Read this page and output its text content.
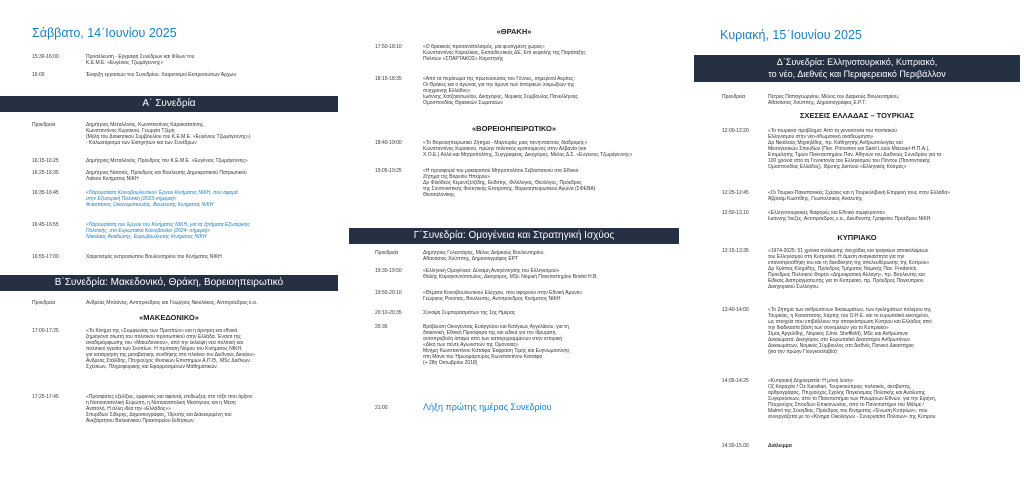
Σάββατο, 14ˊΙουνίου 2025
15:30-16:00	Προσέλευση - Εγγραφή Συνέδρων και Φίλων του
Κ.Ε.Μ.Ε. «Ευγένιος Τζωμάγεννης»
16:00	Έναρξη εργασιών του Συνεδρίου. Χαιρετισμοί Εκπροσώπων Άρχων.
Α΄ Συνεδρία
Προεδρεία	Δημήτριος Μεταλλινός, Κωνσταντίνος Καρακατσάνης,
Κωνσταντίνος Κυριακού, Γεωργία Τζέμη
(Μέλη του Διοικητικού Συμβουλίου του Κ.Ε.Μ.Ε. «Ευγένιος Τζωμάγεννης»)
- Καλωσόρισμα των Εισηγητών και των Συνέδρων
16:15-16:25	Δημήτριος Μεταλλινός, Πρόεδρος του Κ.Ε.Μ.Ε. «Ευγένιος Τζωμάγεννης»
16:25-16:35	Δημήτριος Νατσιός, Πρόεδρος και Βουλευτής Δημοκρατικού Πατριωτικού
Λαϊκού Κινήματος ΝΙΚΗ
16:35-16:45	«Παρουσίαση Κοινοβουλευτικού Έργου Κινήματος ΝΙΚΗ, που αφορά
στην Εξωτερική Πολιτική (2023-σήμερα)»
Αναστάσιος Οικονομόπουλος, Βουλευτής Κινήματος ΝΙΚΗ
16:45-16:55	«Παρουσίαση του Έργου του Κινήματος ΝΙΚΗ, για τα ζητήματα Εξωτερικής
Πολιτικής, στο Ευρωπαϊκό Κοινοβούλιο (2024- σήμερα)»
Νικόλαος Αναδιώτης, Ευρωβουλευτής Κινήματος ΝΙΚΗ
16:55-17:00	Χαιρετισμός εκπροσώπου Βουλευτηρίου του Κινήματος ΝΙΚΗ
Β΄Συνεδρία: Μακεδονικό, Θράκη, Βορειοηπειρωτικό
Προεδρεία	Ανδρέας Μπλάνος, Αντιπρόεδρος και Γεώργιος Νικολάκος, Αντιπρόεδρος κ.α.
«ΜΑΚΕΔΟΝΙΚΟ»
17:00-17:25	«Το Κίνημα της «Συμφωνίας των Πρεσπών» και η άρνηση και εθνικά
ζημιογόνα σιωπή του πολιτικού προσωπικού στην Ελλάδα. Έναντι της
αναδιμιόρφωσης του «Μακεδονικού», από την έκλειψη νέα πολιτική και
πολιτικοί ηγεσία των Σκοπίων. Η πρόταση Νόμου του Κινήματος ΝΙΚΗ,
για κατάργηση της μεταβατικής συνθήκης στο πλαίσιο του Διεθνούς Δικαίου»
Ανδρέας Σταλίδης, Πτυχιούχος Φυσικών Επιστημών Α.Π.Θ., MSc Διεθνών
Σχέσεων, Πληροφορικής και Εφαρμοσμένων Μαθηματικών.
17:25-17:45	«Πρόσφατες εξελίξεις, εμφανείς και αφανείς επιδιώξεις στο τόξο που άρξιον
η Νοτιοανατολική Εύρώπη, η Νοτιοανατολική Μεσόγειος και η Μέση
Ανατολή. Η άλλη ιδέα την «Ελλάδος»»
Σπυρίδων Σιδέρης, Δημοσιογράφος, Ίδρυτής και Διακεκριμένη του
Άνεξάρτητου Βαλκανικού Πρακτορείου Ειδήσεων
«ΘΡΑΚΗ»
17:50-18:10	«Ο θρακικός προσανατολισμός, μια φυσιγμένη χώρας»
Κωνσταντίνος Καραλίκας, Εκπαιδευτικός ΔΕ, Επί κεφαλής της Παράταξης
Πολιτών «ΣΠΑΡΤΑΚΟΣ» Κομοτηνής
18:15-18:35	«Από τα περίσωμα της πρωτεύουσας του Γένους, σημερινοί Ακρίτες:
Οι Θράκες και ο άγώνας για την άμυνα των Ιστορικών λοιμωξιών της
σύγχρονης Ελλάδος»
Ιωάννης Χατζηαντωνίου, Δικηγόρος, Νομικός Σύμβουλος Πανελλήνιας
Ομοσπονδίας Θρακικών Σωματείων
«ΒΟΡΕΙΟΗΠΕΙΡΩΤΙΚΟ»
18:40-19:00	«Το Βορειοηπειρωτικό Ζήτημα - Μαρτυρίες μιας πενηνταετούς διαδρομής»
Κωνσταντίνος Κυριακού, πρώην πολιτικός κρατούμενος στην Αλβανία (και
Χ.Ο.Ε.) Αλλά και Μητροπολίτης, Συγγραφέας, Δικηγόρος. Μέλος Δ.Σ. «Ευγένιος Τζωμάγεννης»
19:05-19:25	«Η προσφορά του μακαριστού Μητροπολίτου Σεβαστιανού στο Εθνικό
Ζήτημα της Βορείου Ηπείρου»
Δρ Φιλόθεος Κεμεντζετζίδης, Εκδότης, Φιλόλογος, Θεολόγος, Πρόεδρος
της Συντονιστικής Φοιτητικής Επιτροπής, Βορειοηπειρωτικού Αγώνα (ΣΦΕΒΑ)
Θεσσαλονίκης
Γ΄Συνεδρία: Ομογένεια και Στρατηγική Ισχύος
Προεδρεία	Δημήτριος Γελαντάρης, Μέλος Διαρκούς Βουλευτηρίου,
Αθανάσιος Χούππης, Δημοσιογράφος ΕΡΤ
19:30-19:50	«Ελληνική Ομογένεια: Δύναμη Αναγέννησης του Ελληνισμού»
Θαλής Καραγιαννόπουλος, Δικηγόρος, MSc Νομική Πανεπιστημίου Bristol Η.Β.
19:55-20:10	«Θέματα Κοινοβουλευτικού Ελέγχου, που αφορούν στην Εθνική Άμυνα»
Γεώργιος Ρούντας, Βουλευτής, Αντιπρόεδρος Κινήματος ΝΙΚΗ
20:10-20:35	Σύνοψη Συμπερασμάτων της 1ης Ημέρας
20:35	Βράβευση Οικογένειας Ευάγγελου και Κατίγκως Αγγελάκου, για τη
διακονική, Εθνική Προσφορά της και ειδικά για την ίδρυματη,
αυτοπροβολή ίσταμα από των καταγεγραμμένων στην ιστορική
«Δίκη των πέντε Αγωνιστών της Ομόνοιας»
Μνήμη Κωνσταντίνου Κατσίφα Έκφραση Τιμής και Ευγνωμοσύνης
στη Μάνα του Ήρωομάρτυρος Κωνσταντίνου Κατσίφα
(+ 28η Οκτωβρίου 2018)
21:00	Λήξη πρώτης ημέρας Συνεδρίου
Κυριακή, 15ˊΙουνίου 2025
Δ΄Συνεδρία: Ελληνοτουρκικό, Κυπριακό,
το νέο, Διεθνές και Περιφερειακό Περιβάλλον
Προεδρεία	Πέτρος Παπαγεωργίου, Μέλος του Διαρκούς Βουλευτηρίου,
Αθανάσιος Χούππης, Δημοσιογράφος Ε.Ρ.Τ.
ΣΧΕΣΕΙΣ ΕΛΛΑΔΑΣ – ΤΟΥΡΚΙΑΣ
12:00-12:20	«Το τουρκικό πρόβλημα: Από τη γενοκτονία του ποντιακού
Ελληνισμού στην νέο-οθωμανική αναθεώρηση»
Δρ Νικόλαος Μιχαηλίδης, πρ. Καθηγητής Ανθρωπολογίας και
Μεσογειακών Σπουδών (Παν. Princeton και Saint Louis Missouri-Η.Π.Α.),
Επιμελητής Τιμών Πανεπιστημίου Παν. Αθηνών του Διεθνούς Συνεδρίου για τα
100 χρόνια από τη Γενοκτονία του Ελληνισμού του Πόντου (Παντοντιακής
Ομοσπονδίας Ελλάδος), Ιδρυτής Δικτύου «Ελληνικός Κόσμος»
12:25-12:45	«Οι Τουρκο-Πακιστανικές Σχέσεις και η Τουρκολιβυκή Επιρροή τους στην Ελλάδα»
Άβραάμ Κωστίδης, Γεωπολιτικός Αναλυτής
12:50-13.10	«Ελληνοτουρκικές διαφορές και Εθνικά συμφέροντα»
Ιωάννης Ίνεζές, Αντιπρόεδρος ε.α., Διευθυντής Γραφείου Προέδρου ΝΙΚΗ
ΚΥΠΡΙΑΚΟ
13:15-13:35	«1974-2025: 51 χρόνια ανάλωσης άνεχάδας και τραγικών αποκαλύψεων
του Ελληνισμού στη Κυπριακό. Η άμεση αναγκαιότητα για την
επαναπροσθήκη του και τη διεκδίκηση της απελευθέρωσης της Κύπρου»
Δρ Χρίστος Κληρίδης, Πρόεδρος Τμήματος Νομικής Παν. Frederick,
Πρόεδρος Πολιτικού Φορέα «Δημοκρατική Αλλαγή», πρ. Βουλευτής και
Είδικός Διαπραγματευτής για το Κυπριακό, πρ. Πρόεδρος Παγκύπριου
Δικηγορικού Συλλόγου.
13:40-14:00	«Το Ζήτημα των ανθρώπινων δικαιωμάτων, των έγκλημάτων πολέμου της
Τουρκίας, η Καταστασης Χάρτης του Ο.Η.Ε. και το ευρωπαϊκό κεκτημένο,
ως στοιχεία που επιβάλλουν την απαγκίστρωση Κύπρου και Ελλάδος από
την διαδικασία βάση των συνομιλιών για το Κυπριακό»
Σίμος Αγγελίδης, Νομικός (Univ. Sheffield), MSc και Ανθρώπινα
Δικαιώματα, Δικηγόρος στο Ευρωπαϊκό Δικαστήριο Ανθρωπίνων
Δικαιωμάτων, Νομικός Σύμβουλος στο Διεθνές Ποινικό Δικαστήριο
(για την πρώην Γιουγκοσλαβία)
14:05-14:25	«Κυπριακή Δημοκρατία: Η μόνη λύση»
Οζ Καραχάν / Öz Karahan, Τουρκοκύπριος πολιτικός, άκτιβιστής,
αρθρογράφος, Πτυχιούχος Σχολής Παγκόσμιας Πολιτικής και Ανάλυσης
Συγκρούσεων, από το Πανεπιστήμιο των Ηνωμένων Εθνών, για την Ειρήνη,
Πτυχιούχος Σπουδών Επικοινωνίας, από το Πανεπιστήμιο του Μάλμε /
Malmö της Σουηδίας, Πρόεδρος του Κινήματος «Ένωση Κυπρίων», που
συνεργάζεται με το «Κίνημα Οικολόγων - Συνεργασία Πολιτών» της Κύπρου
14:30-15.00	Διάλειμμα
